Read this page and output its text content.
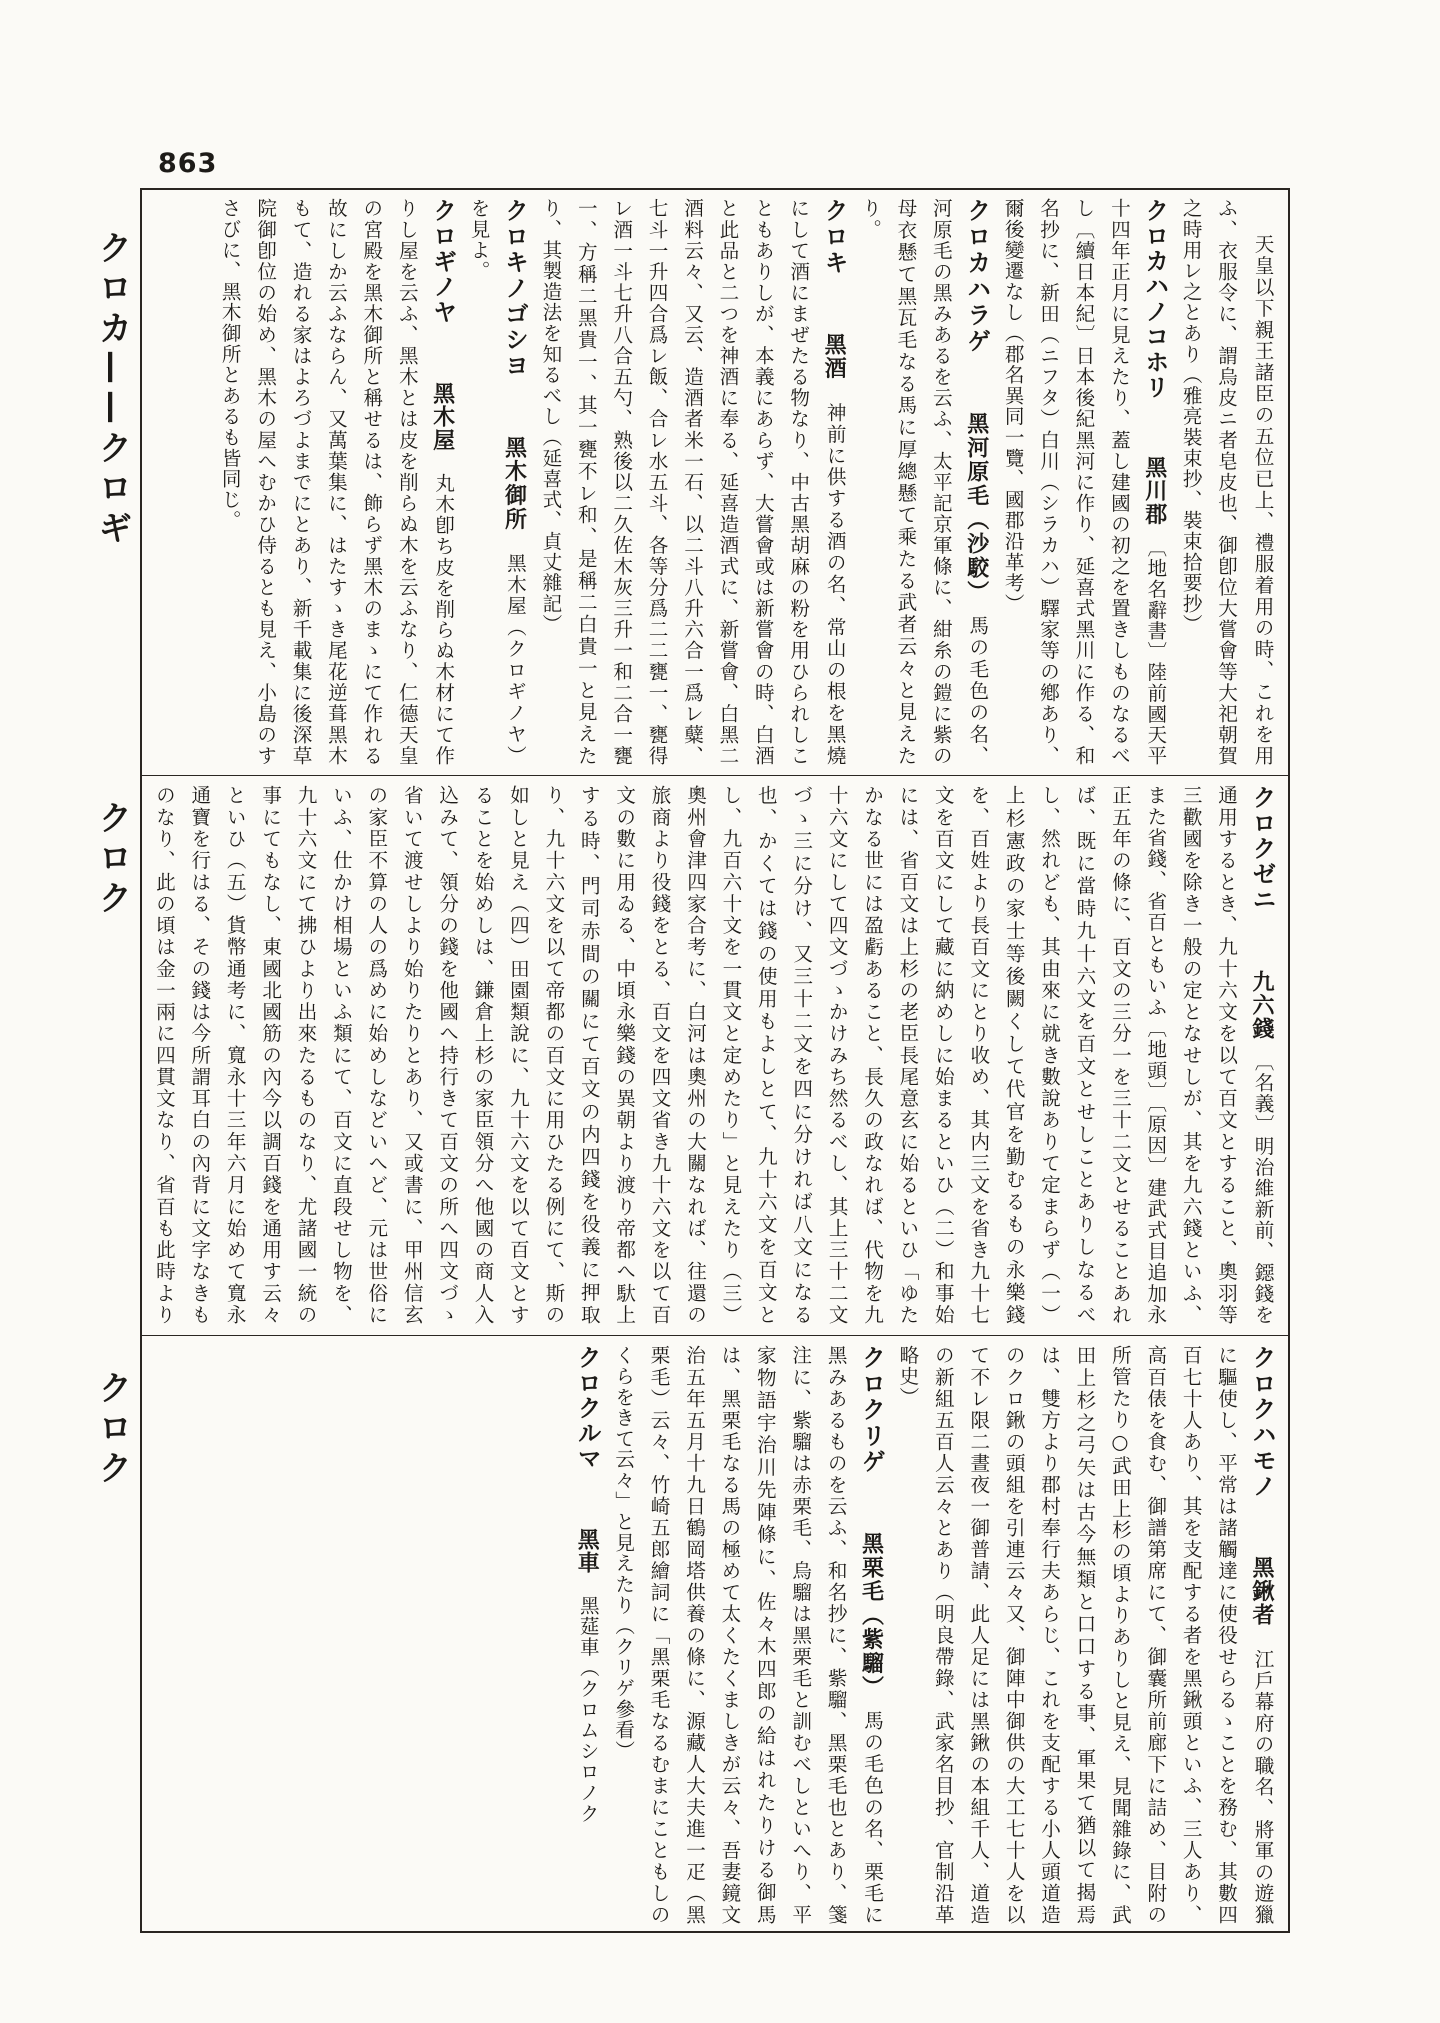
863
クロカ——クロギ
クロク
クロク
天皇以下親王諸臣の五位已上、禮服着用の時、これを用ふ、衣服令に、謂烏皮ニ者皂皮也、御卽位大嘗會等大祀朝賀之時用レ之とあり（雅亮裝束抄、裝束拾要抄）
クロカハノコホリ　黑川郡　〔地名辭書〕陸前國天平十四年正月に見えたり、蓋し建國の初之を置きしものなるべし〔續日本紀〕日本後紀黑河に作り、延喜式黑川に作る、和名抄に、新田（ニフタ）白川（シラカハ）驛家等の鄕あり、爾後變遷なし（郡名異同一覽、國郡沿革考）
クロカハラゲ　黑河原毛（沙駮）　馬の毛色の名、河原毛の黑みあるを云ふ、太平記京軍條に、紺糸の鎧に紫の母衣懸て黑瓦毛なる馬に厚總懸て乘たる武者云々と見えたり。
クロキ　黑酒　神前に供する酒の名、常山の根を黑燒にして酒にまぜたる物なり、中古黑胡麻の粉を用ひられしこともありしが、本義にあらず、大嘗會或は新嘗會の時、白酒と此品と二つを神酒に奉る、延喜造酒式に、新嘗會、白黑二酒料云々、又云、造酒者米一石、以二斗八升六合一爲レ糵、七斗一升四合爲レ飯、合レ水五斗、各等分爲二二甕一、甕得レ酒一斗七升八合五勺、熟後以二久佐木灰三升一和二合一甕一、方稱二黑貴一、其一甕不レ和、是稱二白貴一と見えたり、其製造法を知るべし（延喜式、貞丈雜記）
クロキノゴシヨ　黑木御所　黑木屋（クロギノヤ）を見よ。
クロギノヤ　黑木屋　丸木卽ち皮を削らぬ木材にて作りし屋を云ふ、黑木とは皮を削らぬ木を云ふなり、仁德天皇の宮殿を黑木御所と稱せるは、飾らず黑木のまゝにて作れる故にしか云ふならん、又萬葉集に、はたすゝき尾花逆葺黑木もて、造れる家はよろづよまでにとあり、新千載集に後深草院御卽位の始め、黑木の屋へむかひ侍るとも見え、小島のすさびに、黑木御所とあるも皆同じ。
クロクゼニ　九六錢　〔名義〕明治維新前、鐚錢を通用するとき、九十六文を以て百文とすること、奧羽等三歡國を除き一般の定となせしが、其を九六錢といふ、また省錢、省百ともいふ〔地頭〕〔原因〕建武式目追加永正五年の條に、百文の三分一を三十二文とせることあれば、既に當時九十六文を百文とせしことありしなるべし、然れども、其由來に就き數說ありて定まらず（一）上杉憲政の家士等後闕くして代官を勤むるもの永樂錢を、百姓より長百文にとり收め、其内三文を省き九十七文を百文にして藏に納めしに始まるといひ（二）和事始には、省百文は上杉の老臣長尾意玄に始るといひ「ゆたかなる世には盈虧あること、長久の政なれば、代物を九十六文にして四文づゝかけみち然るべし、其上三十二文づゝ三に分け、又三十二文を四に分ければ八文になる也、かくては錢の使用もよしとて、九十六文を百文とし、九百六十文を一貫文と定めたり」と見えたり（三）奧州會津四家合考に、白河は奧州の大關なれば、往還の旅商より役錢をとる、百文を四文省き九十六文を以て百文の數に用ゐる、中頃永樂錢の異朝より渡り帝都へ馱上する時、門司赤間の關にて百文の内四錢を役義に押取り、九十六文を以て帝都の百文に用ひたる例にて、斯の如しと見え（四）田園類說に、九十六文を以て百文とすることを始めしは、鎌倉上杉の家臣領分へ他國の商人入込みて、領分の錢を他國へ持行きて百文の所へ四文づゝ省いて渡せしより始りたりとあり、又或書に、甲州信玄の家臣不算の人の爲めに始めしなどいへど、元は世俗にいふ、仕かけ相場といふ類にて、百文に直段せし物を、九十六文にて拂ひより出來たるものなり、尤諸國一統の事にてもなし、東國北國筋の內今以調百錢を通用す云々といひ（五）貨幣通考に、寬永十三年六月に始めて寬永通寶を行はる、その錢は今所謂耳白の內背に文字なきものなり、此の頃は金一兩に四貫文なり、省百も此時より
クロクハモノ　黑鍬者　江戶幕府の職名、將軍の遊獵に驅使し、平常は諸觸達に使役せらるゝことを務む、其數四百七十人あり、其を支配する者を黑鍬頭といふ、三人あり、高百俵を食む、御譜第席にて、御囊所前廊下に詰め、目附の所管たり○武田上杉の頃よりありしと見え、見聞雜錄に、武田上杉之弓矢は古今無類と口口する事、軍果て猶以て揭焉は、雙方より郡村奉行夫あらじ、これを支配する小人頭道造のクロ鍬の頭組を引連云々又、御陣中御供の大工七十人を以て不レ限二晝夜一御普請、此人足には黑鍬の本組千人、道造の新組五百人云々とあり（明良帶錄、武家名目抄、官制沿革略史）
クロクリゲ　黑栗毛（紫騮）　馬の毛色の名、栗毛に黑みあるものを云ふ、和名抄に、紫騮、黑栗毛也とあり、箋注に、紫騮は赤栗毛、烏騮は黑栗毛と訓むべしといへり、平家物語宇治川先陣條に、佐々木四郎の給はれたりける御馬は、黑栗毛なる馬の極めて太くたくましきが云々、吾妻鏡文治五年五月十九日鶴岡塔供養の條に、源藏人大夫進一疋（黑栗毛）云々、竹崎五郎繪詞に「黑栗毛なるむまにこともしのくらをきて云々」と見えたり（クリゲ參看）
クロクルマ　黑車　黑莚車（クロムシロノク
